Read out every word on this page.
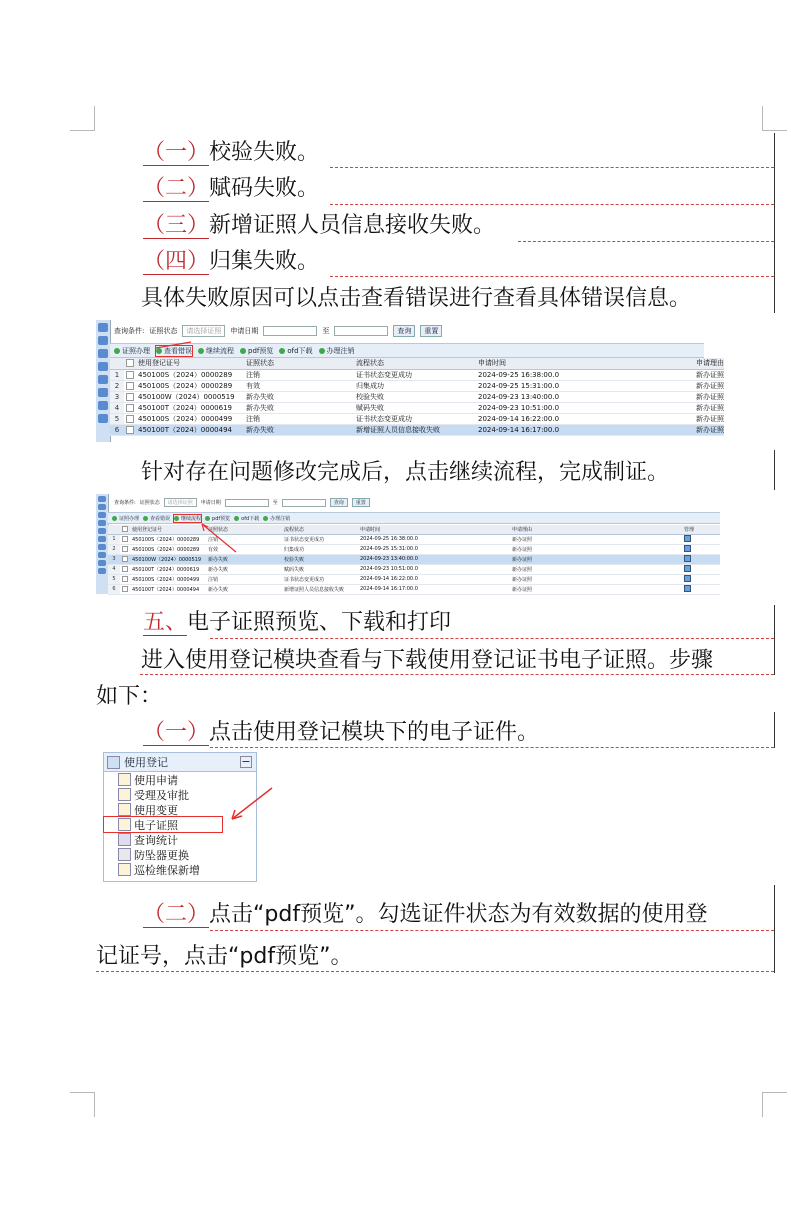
（一）校验失败。
（二）赋码失败。
（三）新增证照人员信息接收失败。
（四）归集失败。
具体失败原因可以点击查看错误进行查看具体错误信息。
查询条件: 证照状态	请选择证照	申请日期
	至
	查询	重置
证照办理 查看错误 继续流程 pdf预览 ofd下载 办理注销
		使用登记证号	证照状态	流程状态	申请时间	申请理由
1		450100S（2024）0000289	注销	证书状态变更成功	2024-09-25 16:38:00.0	新办证照
2		450100S（2024）0000289	有效	归集成功	2024-09-25 15:31:00.0	新办证照
3		450100W（2024）0000519	新办失败	校验失败	2024-09-23 13:40:00.0	新办证照
4		450100T（2024）0000619	新办失败	赋码失败	2024-09-23 10:51:00.0	新办证照
5		450100S（2024）0000499	注销	证书状态变更成功	2024-09-14 16:22:00.0	新办证照
6		450100T（2024）0000494	新办失败	新增证照人员信息接收失败	2024-09-14 16:17:00.0	新办证照
针对存在问题修改完成后，点击继续流程，完成制证。
查询条件: 证照状态	请选择证照	申请日期
	至
	查询	重置
证照办理 查看错误 继续流程 pdf预览 ofd下载 办理注销
		使用登记证号	证照状态	流程状态	申请时间	申请理由	管理
1		450100S（2024）0000289	注销	证书状态变更成功	2024-09-25 16:38:00.0	新办证照	
2		450100S（2024）0000289	有效	归集成功	2024-09-25 15:31:00.0	新办证照	
3		450100W（2024）0000519	新办失败	校验失败	2024-09-23 13:40:00.0	新办证照	
4		450100T（2024）0000619	新办失败	赋码失败	2024-09-23 10:51:00.0	新办证照	
5		450100S（2024）0000499	注销	证书状态变更成功	2024-09-14 16:22:00.0	新办证照	
6		450100T（2024）0000494	新办失败	新增证照人员信息接收失败	2024-09-14 16:17:00.0	新办证照	
五、电子证照预览、下载和打印
进入使用登记模块查看与下载使用登记证书电子证照。步骤
如下：
（一）点击使用登记模块下的电子证件。
使用登记	−
使用申请
受理及审批
使用变更
电子证照
查询统计
防坠器更换
巡检维保新增
（二）点击“pdf预览”。勾选证件状态为有效数据的使用登
记证号，点击“pdf预览”。
